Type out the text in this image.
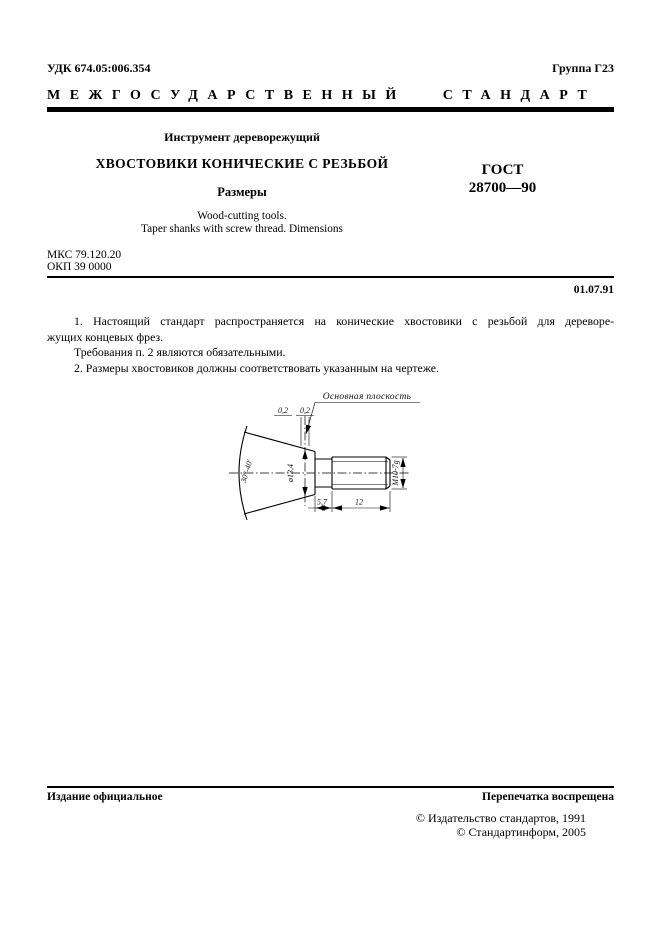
УДК 674.05:006.354	Группа Г23
МЕЖГОСУДАРСТВЕННЫЙ СТАНДАРТ
Инструмент дереворежущий
ХВОСТОВИКИ КОНИЧЕСКИЕ С РЕЗЬБОЙ
Размеры
ГОСТ
28700—90
Wood-cutting tools.
Taper shanks with screw thread. Dimensions
МКС 79.120.20
ОКП 39 0000
01.07.91
1. Настоящий стандарт распространяется на конические хвостовики с резьбой для дереворе-
жущих концевых фрез.
Требования п. 2 являются обязательными.
2. Размеры хвостовиков должны соответствовать указанным на чертеже.
Основная плоскость
0,2 0,2
ø13,4
30°-40'	М10-7g
5,7	12
Издание официальное	Перепечатка воспрещена
© Издательство стандартов, 1991
© Стандартинформ, 2005
